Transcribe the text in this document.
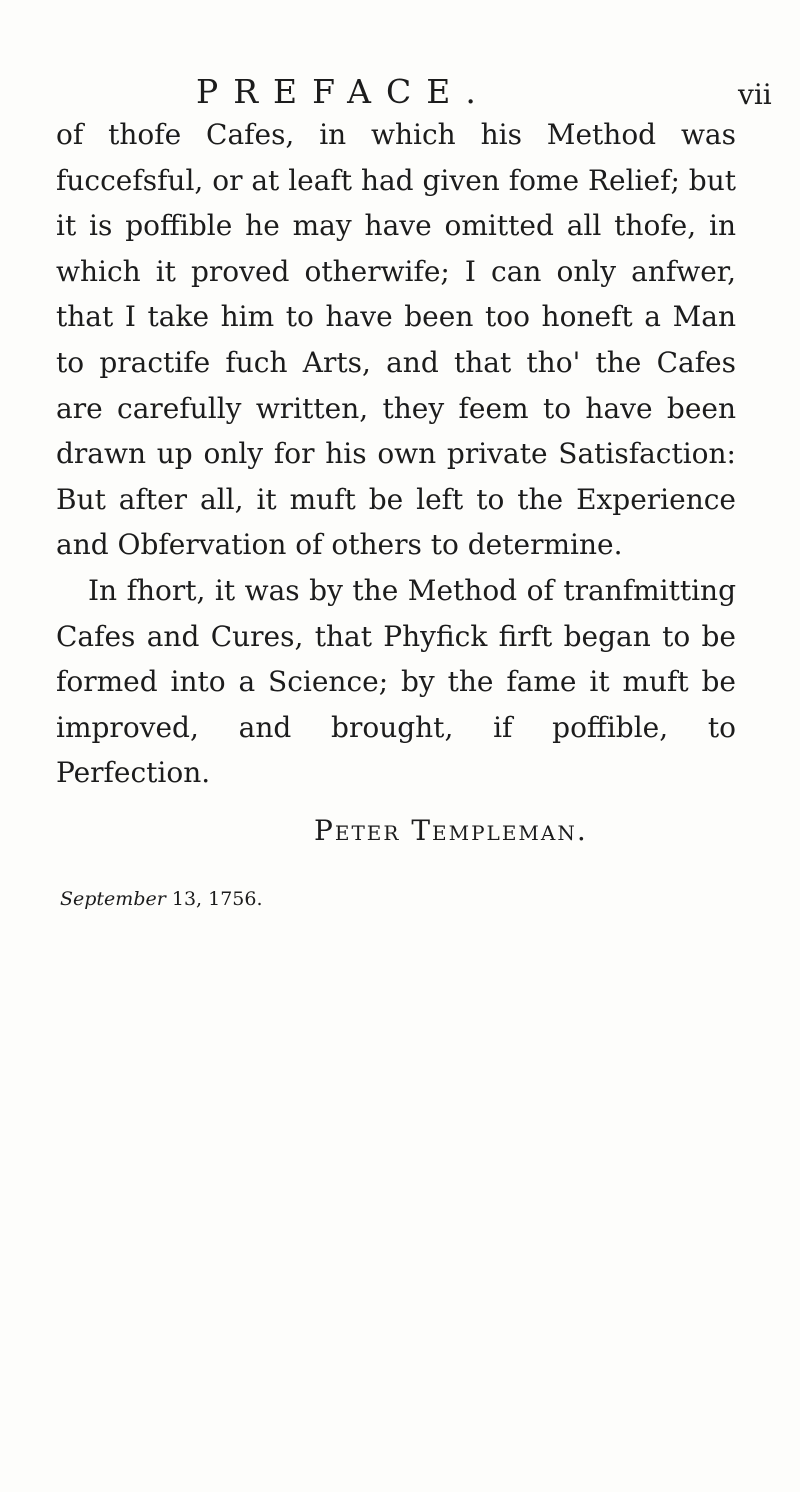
PREFACE.	vii

of thofe Cafes, in which his Method was fuccefsful, or at leaft had given fome Relief; but it is poffible he may have omitted all thofe, in which it proved otherwife; I can only anfwer, that I take him to have been too honeft a Man to practife fuch Arts, and that tho' the Cafes are carefully written, they feem to have been drawn up only for his own private Satisfaction: But after all, it muft be left to the Experience and Obfervation of others to determine.

In fhort, it was by the Method of tranfmitting Cafes and Cures, that Phyfick firft began to be formed into a Science; by the fame it muft be improved, and brought, if poffible, to Perfection.

Peter Templeman.
September 13, 1756.
